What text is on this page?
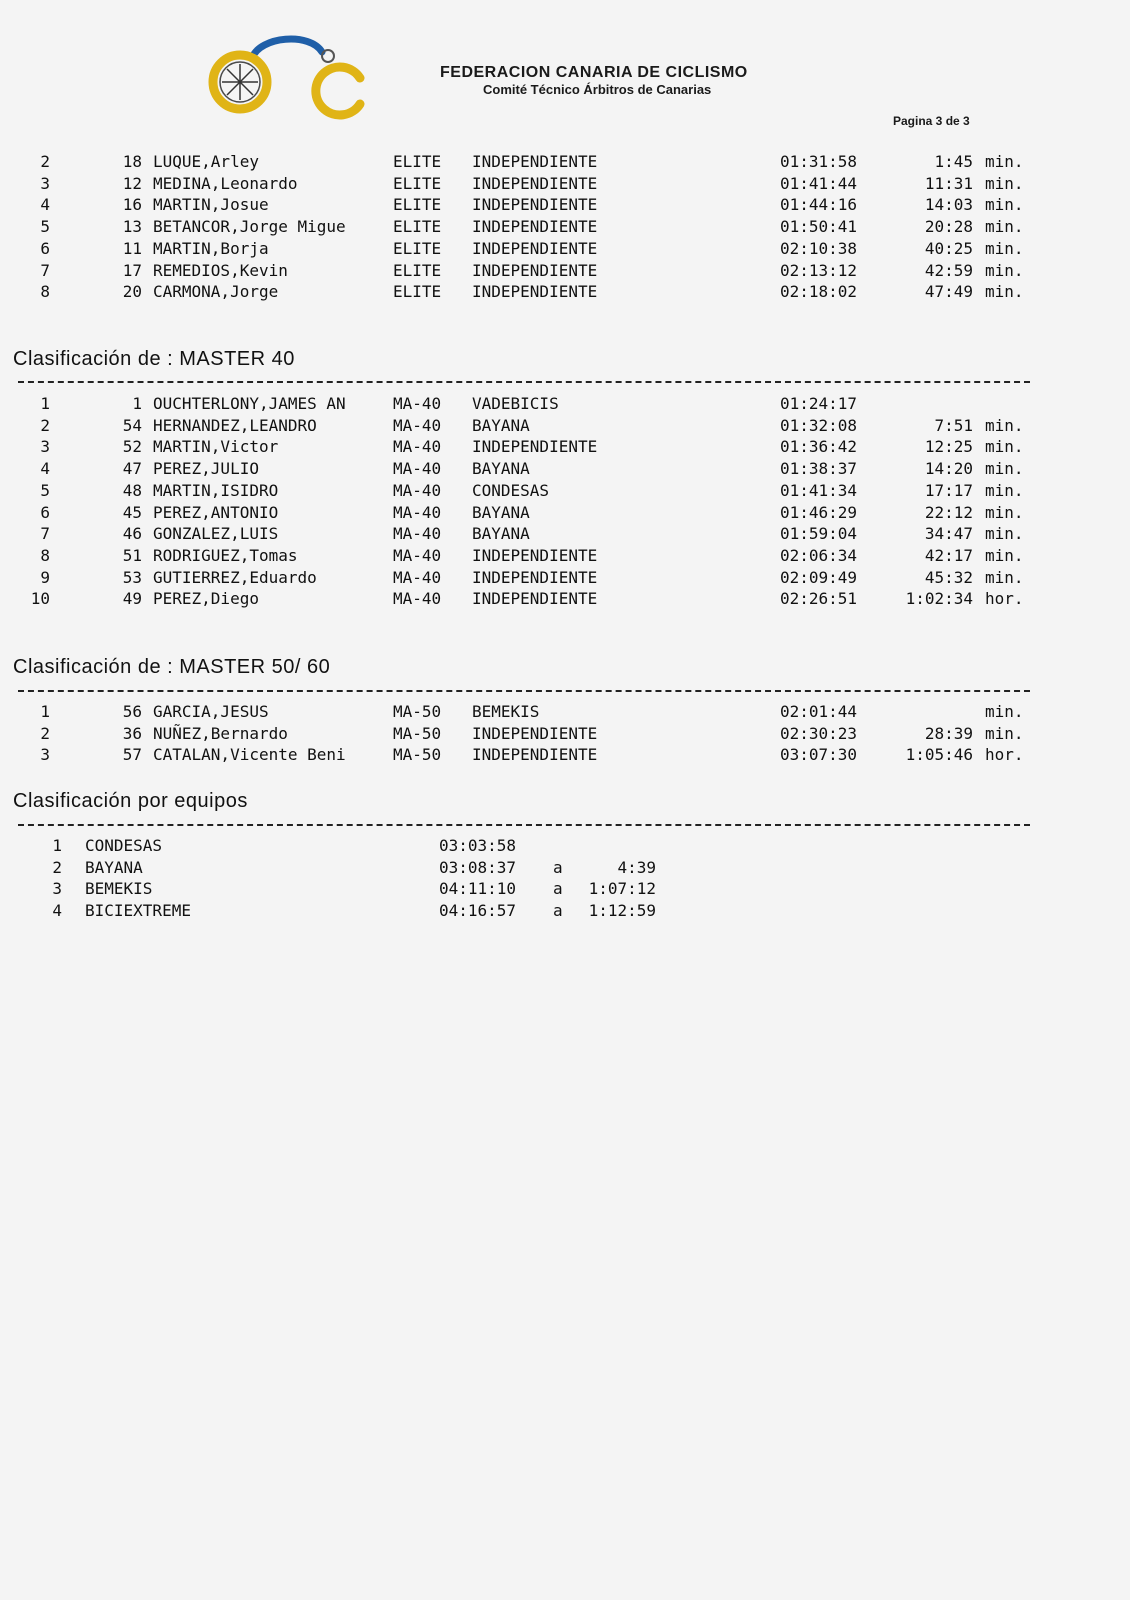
FEDERACION CANARIA DE CICLISMO
Comité Técnico Árbitros de Canarias
Pagina 3 de 3
2	18 LUQUE,Arley	ELITE INDEPENDIENTE	01:31:58	1:45 min.
3	12 MEDINA,Leonardo	ELITE INDEPENDIENTE	01:41:44	11:31 min.
4	16 MARTIN,Josue	ELITE INDEPENDIENTE	01:44:16	14:03 min.
5	13 BETANCOR,Jorge Migue	ELITE INDEPENDIENTE	01:50:41	20:28 min.
6	11 MARTIN,Borja	ELITE INDEPENDIENTE	02:10:38	40:25 min.
7	17 REMEDIOS,Kevin	ELITE INDEPENDIENTE	02:13:12	42:59 min.
8	20 CARMONA,Jorge	ELITE INDEPENDIENTE	02:18:02	47:49 min.
Clasificación de : MASTER 40
1	1 OUCHTERLONY,JAMES AN	MA-40 VADEBICIS	01:24:17
2	54 HERNANDEZ,LEANDRO	MA-40 BAYANA	01:32:08	7:51 min.
3	52 MARTIN,Victor	MA-40 INDEPENDIENTE	01:36:42	12:25 min.
4	47 PEREZ,JULIO	MA-40 BAYANA	01:38:37	14:20 min.
5	48 MARTIN,ISIDRO	MA-40 CONDESAS	01:41:34	17:17 min.
6	45 PEREZ,ANTONIO	MA-40 BAYANA	01:46:29	22:12 min.
7	46 GONZALEZ,LUIS	MA-40 BAYANA	01:59:04	34:47 min.
8	51 RODRIGUEZ,Tomas	MA-40 INDEPENDIENTE	02:06:34	42:17 min.
9	53 GUTIERREZ,Eduardo	MA-40 INDEPENDIENTE	02:09:49	45:32 min.
10	49 PEREZ,Diego	MA-40 INDEPENDIENTE	02:26:51	1:02:34 hor.
Clasificación de : MASTER 50/ 60
1	56 GARCIA,JESUS	MA-50 BEMEKIS	02:01:44	min.
2	36 NUÑEZ,Bernardo	MA-50 INDEPENDIENTE	02:30:23	28:39 min.
3	57 CATALAN,Vicente Beni	MA-50 INDEPENDIENTE	03:07:30	1:05:46 hor.
Clasificación por equipos
1 CONDESAS	03:03:58
2 BAYANA	03:08:37 a	4:39
3 BEMEKIS	04:11:10 a	1:07:12
4 BICIEXTREME	04:16:57 a	1:12:59
